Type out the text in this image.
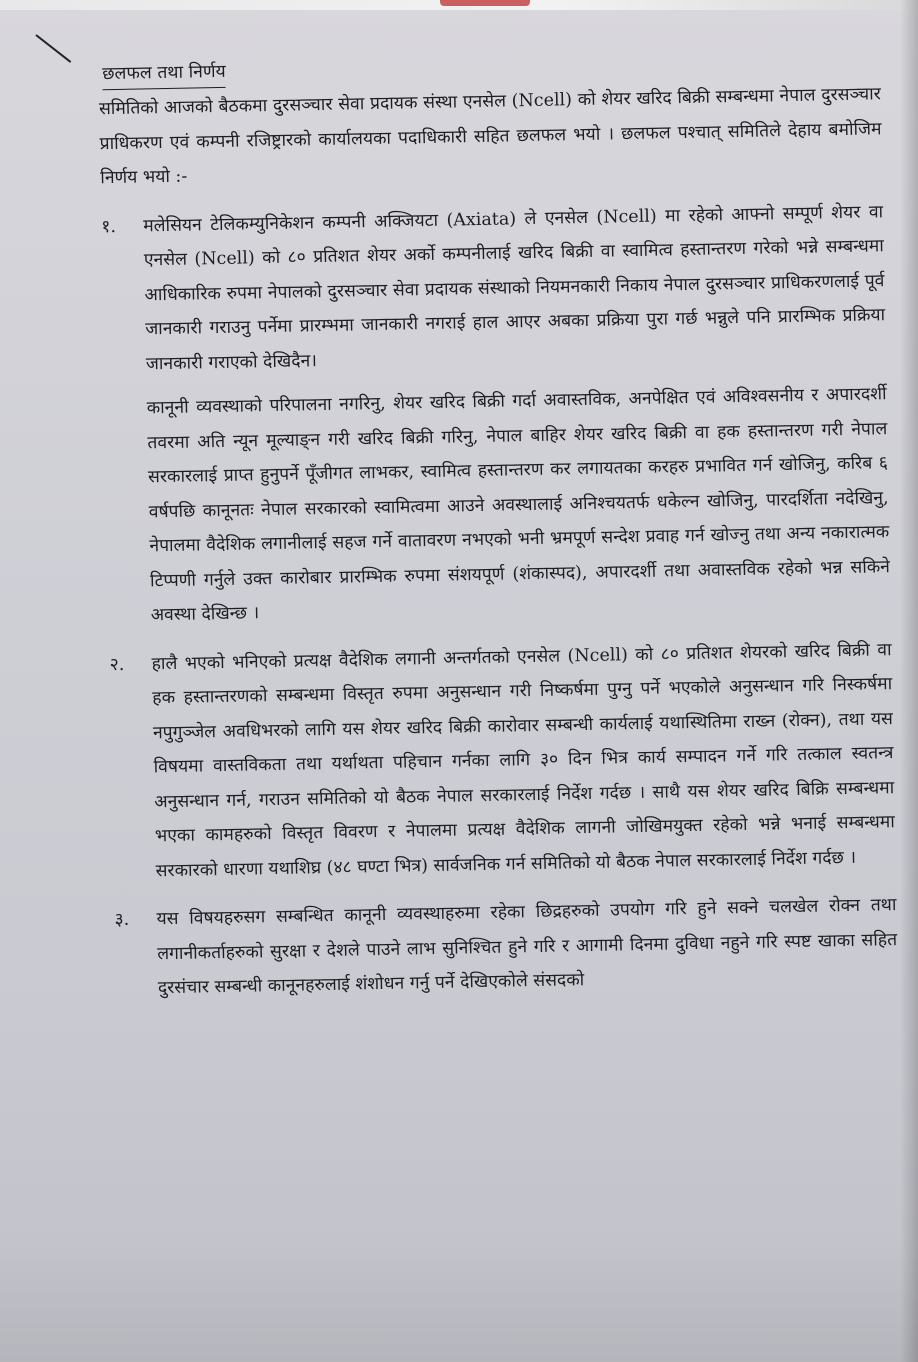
छलफल तथा निर्णय
समितिको आजको बैठकमा दुरसञ्चार सेवा प्रदायक संस्था एनसेल (Ncell) को शेयर खरिद बिक्री सम्बन्धमा नेपाल दुरसञ्चार प्राधिकरण एवं कम्पनी रजिष्ट्रारको कार्यालयका पदाधिकारी सहित छलफल भयो । छलफल पश्चात् समितिले देहाय बमोजिम निर्णय भयो :-
१. मलेसियन टेलिकम्युनिकेशन कम्पनी अक्जियटा (Axiata) ले एनसेल (Ncell) मा रहेको आफ्नो सम्पूर्ण शेयर वा एनसेल (Ncell) को ८० प्रतिशत शेयर अर्को कम्पनीलाई खरिद बिक्री वा स्वामित्व हस्तान्तरण गरेको भन्ने सम्बन्धमा आधिकारिक रुपमा नेपालको दुरसञ्चार सेवा प्रदायक संस्थाको नियमनकारी निकाय नेपाल दुरसञ्चार प्राधिकरणलाई पूर्व जानकारी गराउनु पर्नेमा प्रारम्भमा जानकारी नगराई हाल आएर अबका प्रक्रिया पुरा गर्छ भन्नुले पनि प्रारम्भिक प्रक्रिया जानकारी गराएको देखिदैन।
कानूनी व्यवस्थाको परिपालना नगरिनु, शेयर खरिद बिक्री गर्दा अवास्तविक, अनपेक्षित एवं अविश्वसनीय र अपारदर्शी तवरमा अति न्यून मूल्याङ्न गरी खरिद बिक्री गरिनु, नेपाल बाहिर शेयर खरिद बिक्री वा हक हस्तान्तरण गरी नेपाल सरकारलाई प्राप्त हुनुपर्ने पूँजीगत लाभकर, स्वामित्व हस्तान्तरण कर लगायतका करहरु प्रभावित गर्न खोजिनु, करिब ६ वर्षपछि कानूनतः नेपाल सरकारको स्वामित्वमा आउने अवस्थालाई अनिश्चयतर्फ धकेल्न खोजिनु, पारदर्शिता नदेखिनु, नेपालमा वैदेशिक लगानीलाई सहज गर्ने वातावरण नभएको भनी भ्रमपूर्ण सन्देश प्रवाह गर्न खोज्नु तथा अन्य नकारात्मक टिप्पणी गर्नुले उक्त कारोबार प्रारम्भिक रुपमा संशयपूर्ण (शंकास्पद), अपारदर्शी तथा अवास्तविक रहेको भन्न सकिने अवस्था देखिन्छ ।
२. हालै भएको भनिएको प्रत्यक्ष वैदेशिक लगानी अन्तर्गतको एनसेल (Ncell) को ८० प्रतिशत शेयरको खरिद बिक्री वा हक हस्तान्तरणको सम्बन्धमा विस्तृत रुपमा अनुसन्धान गरी निष्कर्षमा पुग्नु पर्ने भएकोले अनुसन्धान गरि निस्कर्षमा नपुगुञ्जेल अवधिभरको लागि यस शेयर खरिद बिक्री कारोवार सम्बन्धी कार्यलाई यथास्थितिमा राख्न (रोक्न), तथा यस विषयमा वास्तविकता तथा यर्थाथता पहिचान गर्नका लागि ३० दिन भित्र कार्य सम्पादन गर्ने गरि तत्काल स्वतन्त्र अनुसन्धान गर्न, गराउन समितिको यो बैठक नेपाल सरकारलाई निर्देश गर्दछ । साथै यस शेयर खरिद बिक्रि सम्बन्धमा भएका कामहरुको विस्तृत विवरण र नेपालमा प्रत्यक्ष वैदेशिक लागनी जोखिमयुक्त रहेको भन्ने भनाई सम्बन्धमा सरकारको धारणा यथाशिघ्र (४८ घण्टा भित्र) सार्वजनिक गर्न समितिको यो बैठक नेपाल सरकारलाई निर्देश गर्दछ ।
३. यस विषयहरुसग सम्बन्धित कानूनी व्यवस्थाहरुमा रहेका छिद्रहरुको उपयोग गरि हुने सक्ने चलखेल रोक्न तथा लगानीकर्ताहरुको सुरक्षा र देशले पाउने लाभ सुनिश्चित हुने गरि र आगामी दिनमा दुविधा नहुने गरि स्पष्ट खाका सहित दुरसंचार सम्बन्धी कानूनहरुलाई शंशोधन गर्नु पर्ने देखिएकोले संसदको
